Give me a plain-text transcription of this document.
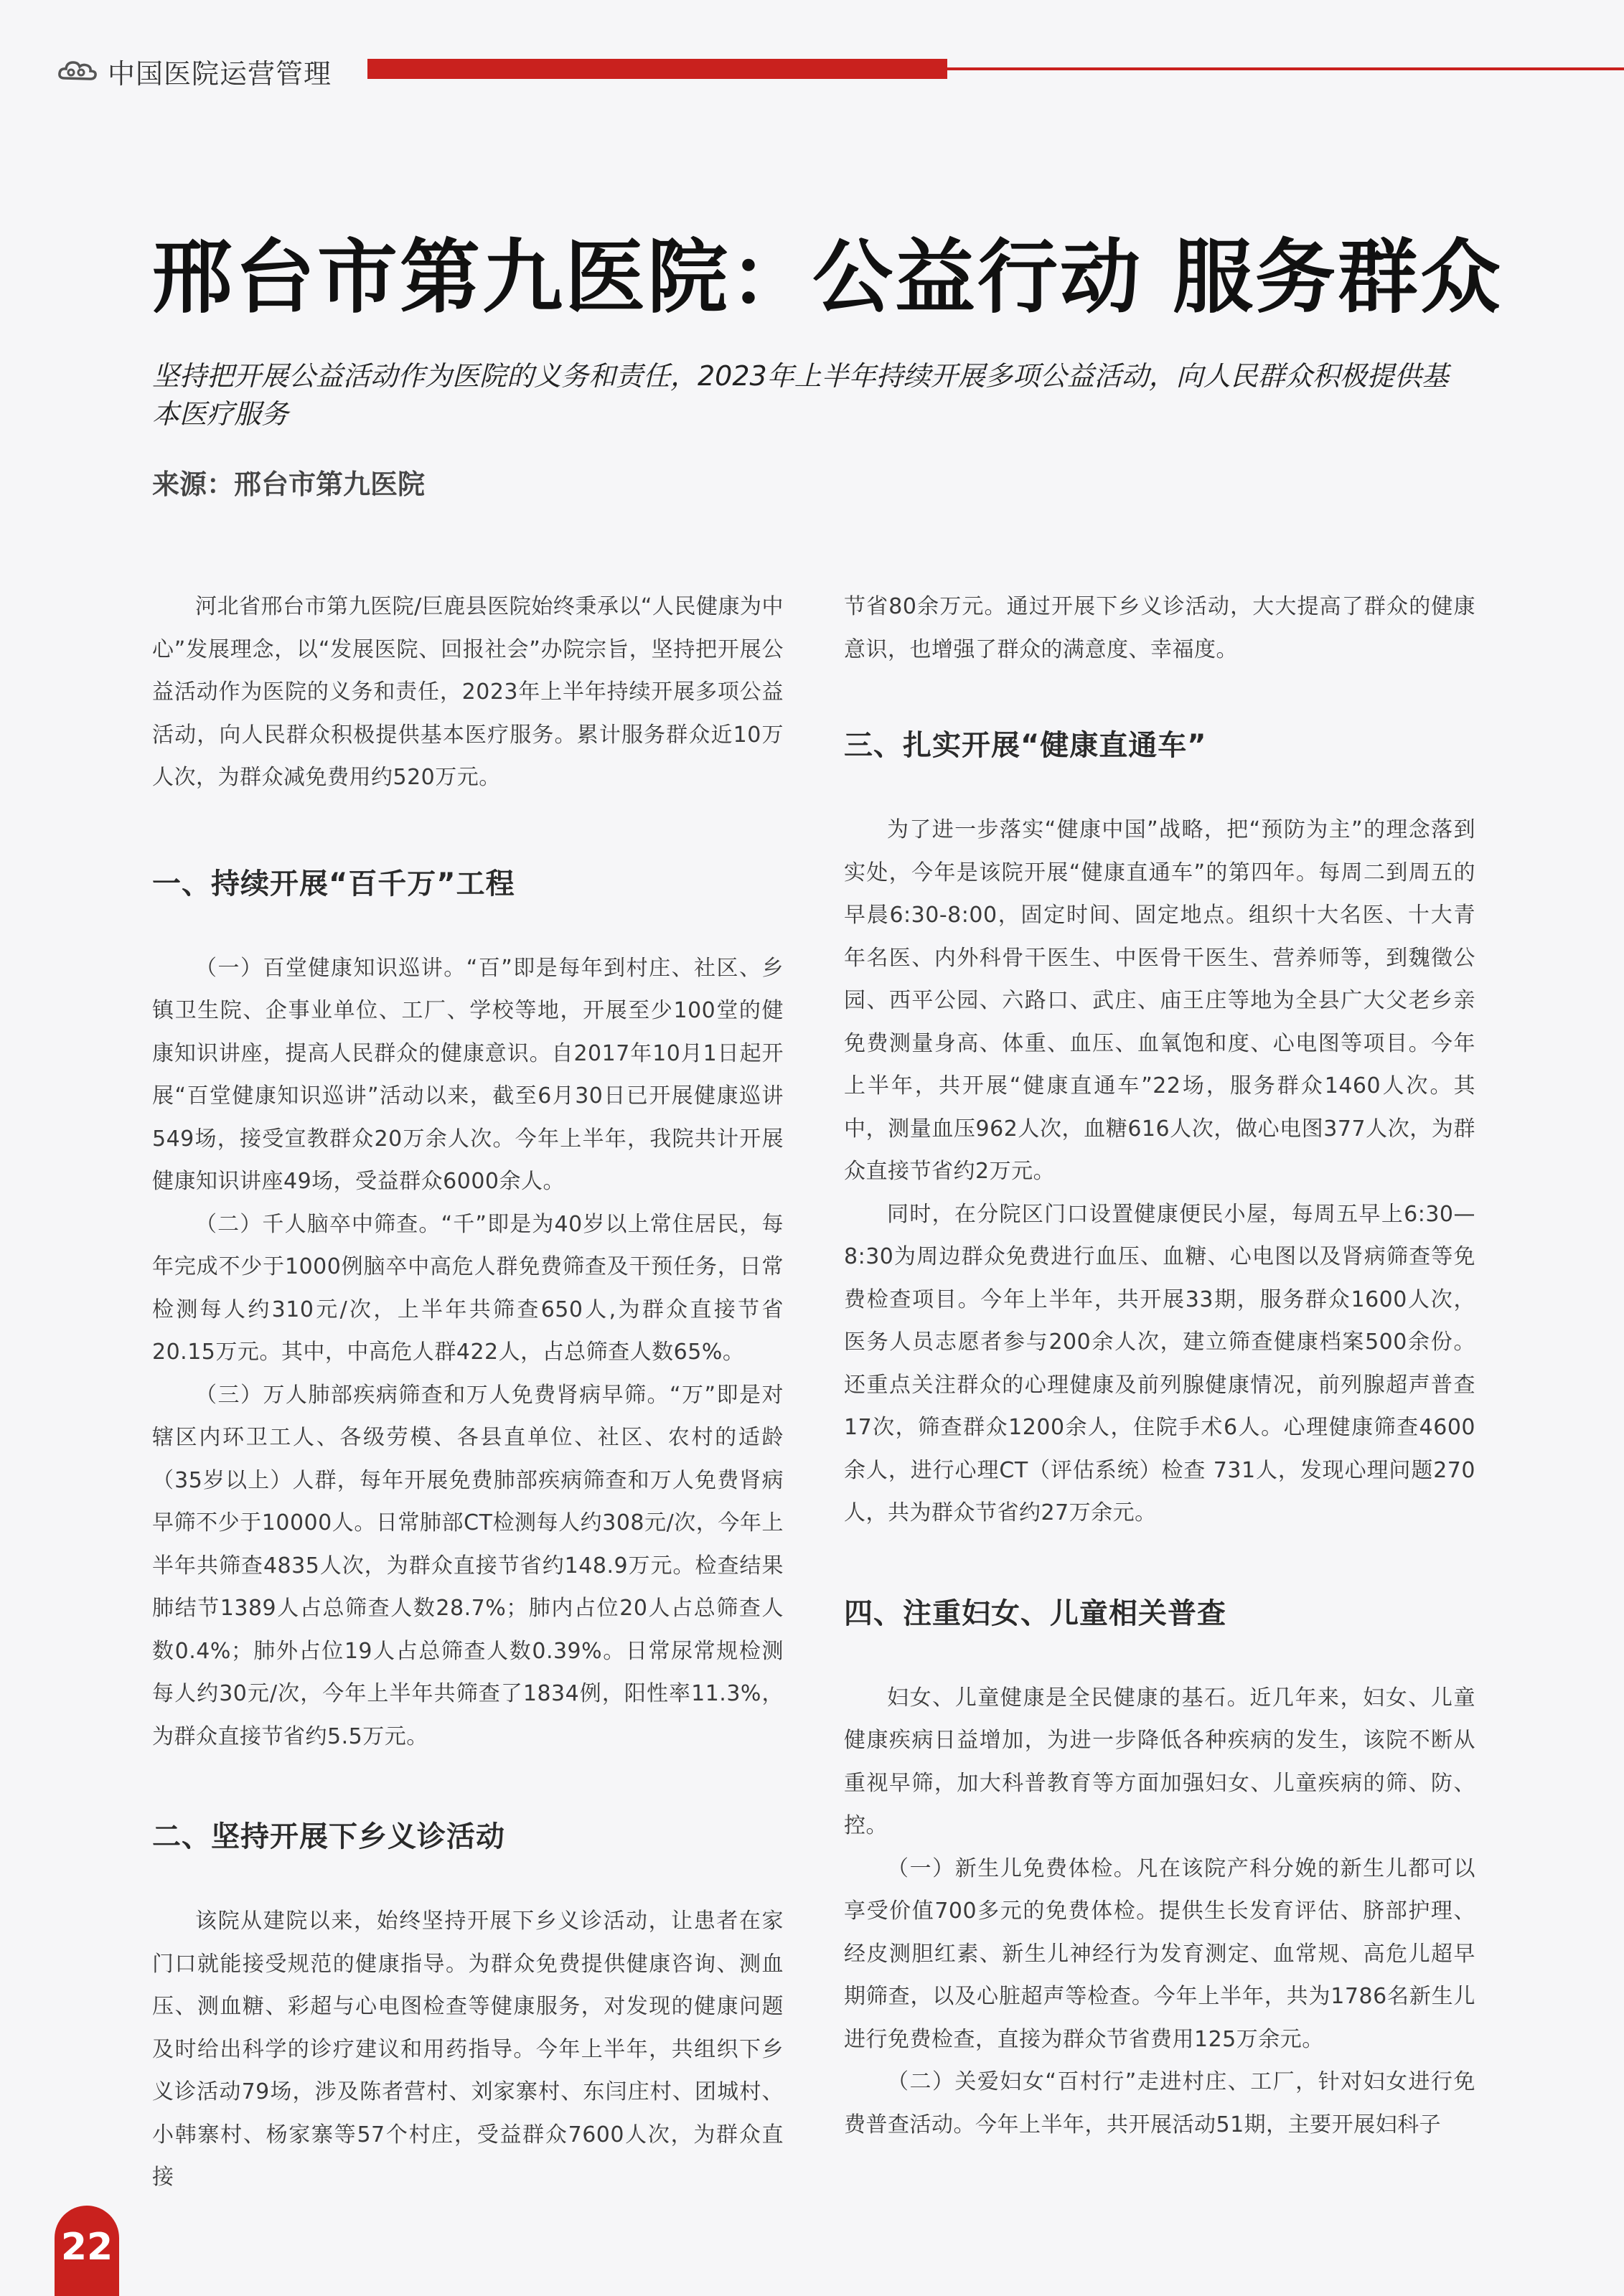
中国医院运营管理
邢台市第九医院：公益行动 服务群众
坚持把开展公益活动作为医院的义务和责任，2023年上半年持续开展多项公益活动，向人民群众积极提供基本医疗服务
来源：邢台市第九医院

河北省邢台市第九医院/巨鹿县医院始终秉承以“人民健康为中心”发展理念，以“发展医院、回报社会”办院宗旨，坚持把开展公益活动作为医院的义务和责任，2023年上半年持续开展多项公益活动，向人民群众积极提供基本医疗服务。累计服务群众近10万人次，为群众减免费用约520万元。

一、持续开展“百千万”工程

（一）百堂健康知识巡讲。“百”即是每年到村庄、社区、乡镇卫生院、企事业单位、工厂、学校等地，开展至少100堂的健康知识讲座，提高人民群众的健康意识。自2017年10月1日起开展“百堂健康知识巡讲”活动以来，截至6月30日已开展健康巡讲549场，接受宣教群众20万余人次。今年上半年，我院共计开展健康知识讲座49场，受益群众6000余人。

（二）千人脑卒中筛查。“千”即是为40岁以上常住居民，每年完成不少于1000例脑卒中高危人群免费筛查及干预任务，日常检测每人约310元/次，上半年共筛查650人,为群众直接节省20.15万元。其中，中高危人群422人，占总筛查人数65%。

（三）万人肺部疾病筛查和万人免费肾病早筛。“万”即是对辖区内环卫工人、各级劳模、各县直单位、社区、农村的适龄（35岁以上）人群，每年开展免费肺部疾病筛查和万人免费肾病早筛不少于10000人。日常肺部CT检测每人约308元/次，今年上半年共筛查4835人次，为群众直接节省约148.9万元。检查结果肺结节1389人占总筛查人数28.7%；肺内占位20人占总筛查人数0.4%；肺外占位19人占总筛查人数0.39%。日常尿常规检测每人约30元/次，今年上半年共筛查了1834例，阳性率11.3%，为群众直接节省约5.5万元。

二、坚持开展下乡义诊活动

该院从建院以来，始终坚持开展下乡义诊活动，让患者在家门口就能接受规范的健康指导。为群众免费提供健康咨询、测血压、测血糖、彩超与心电图检查等健康服务，对发现的健康问题及时给出科学的诊疗建议和用药指导。今年上半年，共组织下乡义诊活动79场，涉及陈者营村、刘家寨村、东闫庄村、团城村、小韩寨村、杨家寨等57个村庄，受益群众7600人次，为群众直接

节省80余万元。通过开展下乡义诊活动，大大提高了群众的健康意识，也增强了群众的满意度、幸福度。

三、扎实开展“健康直通车”

为了进一步落实“健康中国”战略，把“预防为主”的理念落到实处，今年是该院开展“健康直通车”的第四年。每周二到周五的早晨6:30-8:00，固定时间、固定地点。组织十大名医、十大青年名医、内外科骨干医生、中医骨干医生、营养师等，到魏徵公园、西平公园、六路口、武庄、庙王庄等地为全县广大父老乡亲免费测量身高、体重、血压、血氧饱和度、心电图等项目。今年上半年，共开展“健康直通车”22场，服务群众1460人次。其中，测量血压962人次，血糖616人次，做心电图377人次，为群众直接节省约2万元。

同时，在分院区门口设置健康便民小屋，每周五早上6:30—8:30为周边群众免费进行血压、血糖、心电图以及肾病筛查等免费检查项目。今年上半年，共开展33期，服务群众1600人次，医务人员志愿者参与200余人次，建立筛查健康档案500余份。还重点关注群众的心理健康及前列腺健康情况，前列腺超声普查17次，筛查群众1200余人，住院手术6人。心理健康筛查4600余人，进行心理CT（评估系统）检查 731人，发现心理问题270人，共为群众节省约27万余元。

四、注重妇女、儿童相关普查

妇女、儿童健康是全民健康的基石。近几年来，妇女、儿童健康疾病日益增加，为进一步降低各种疾病的发生，该院不断从重视早筛，加大科普教育等方面加强妇女、儿童疾病的筛、防、控。

（一）新生儿免费体检。凡在该院产科分娩的新生儿都可以享受价值700多元的免费体检。提供生长发育评估、脐部护理、经皮测胆红素、新生儿神经行为发育测定、血常规、高危儿超早期筛查，以及心脏超声等检查。今年上半年，共为1786名新生儿进行免费检查，直接为群众节省费用125万余元。

（二）关爱妇女“百村行”走进村庄、工厂，针对妇女进行免费普查活动。今年上半年，共开展活动51期，主要开展妇科子

22
